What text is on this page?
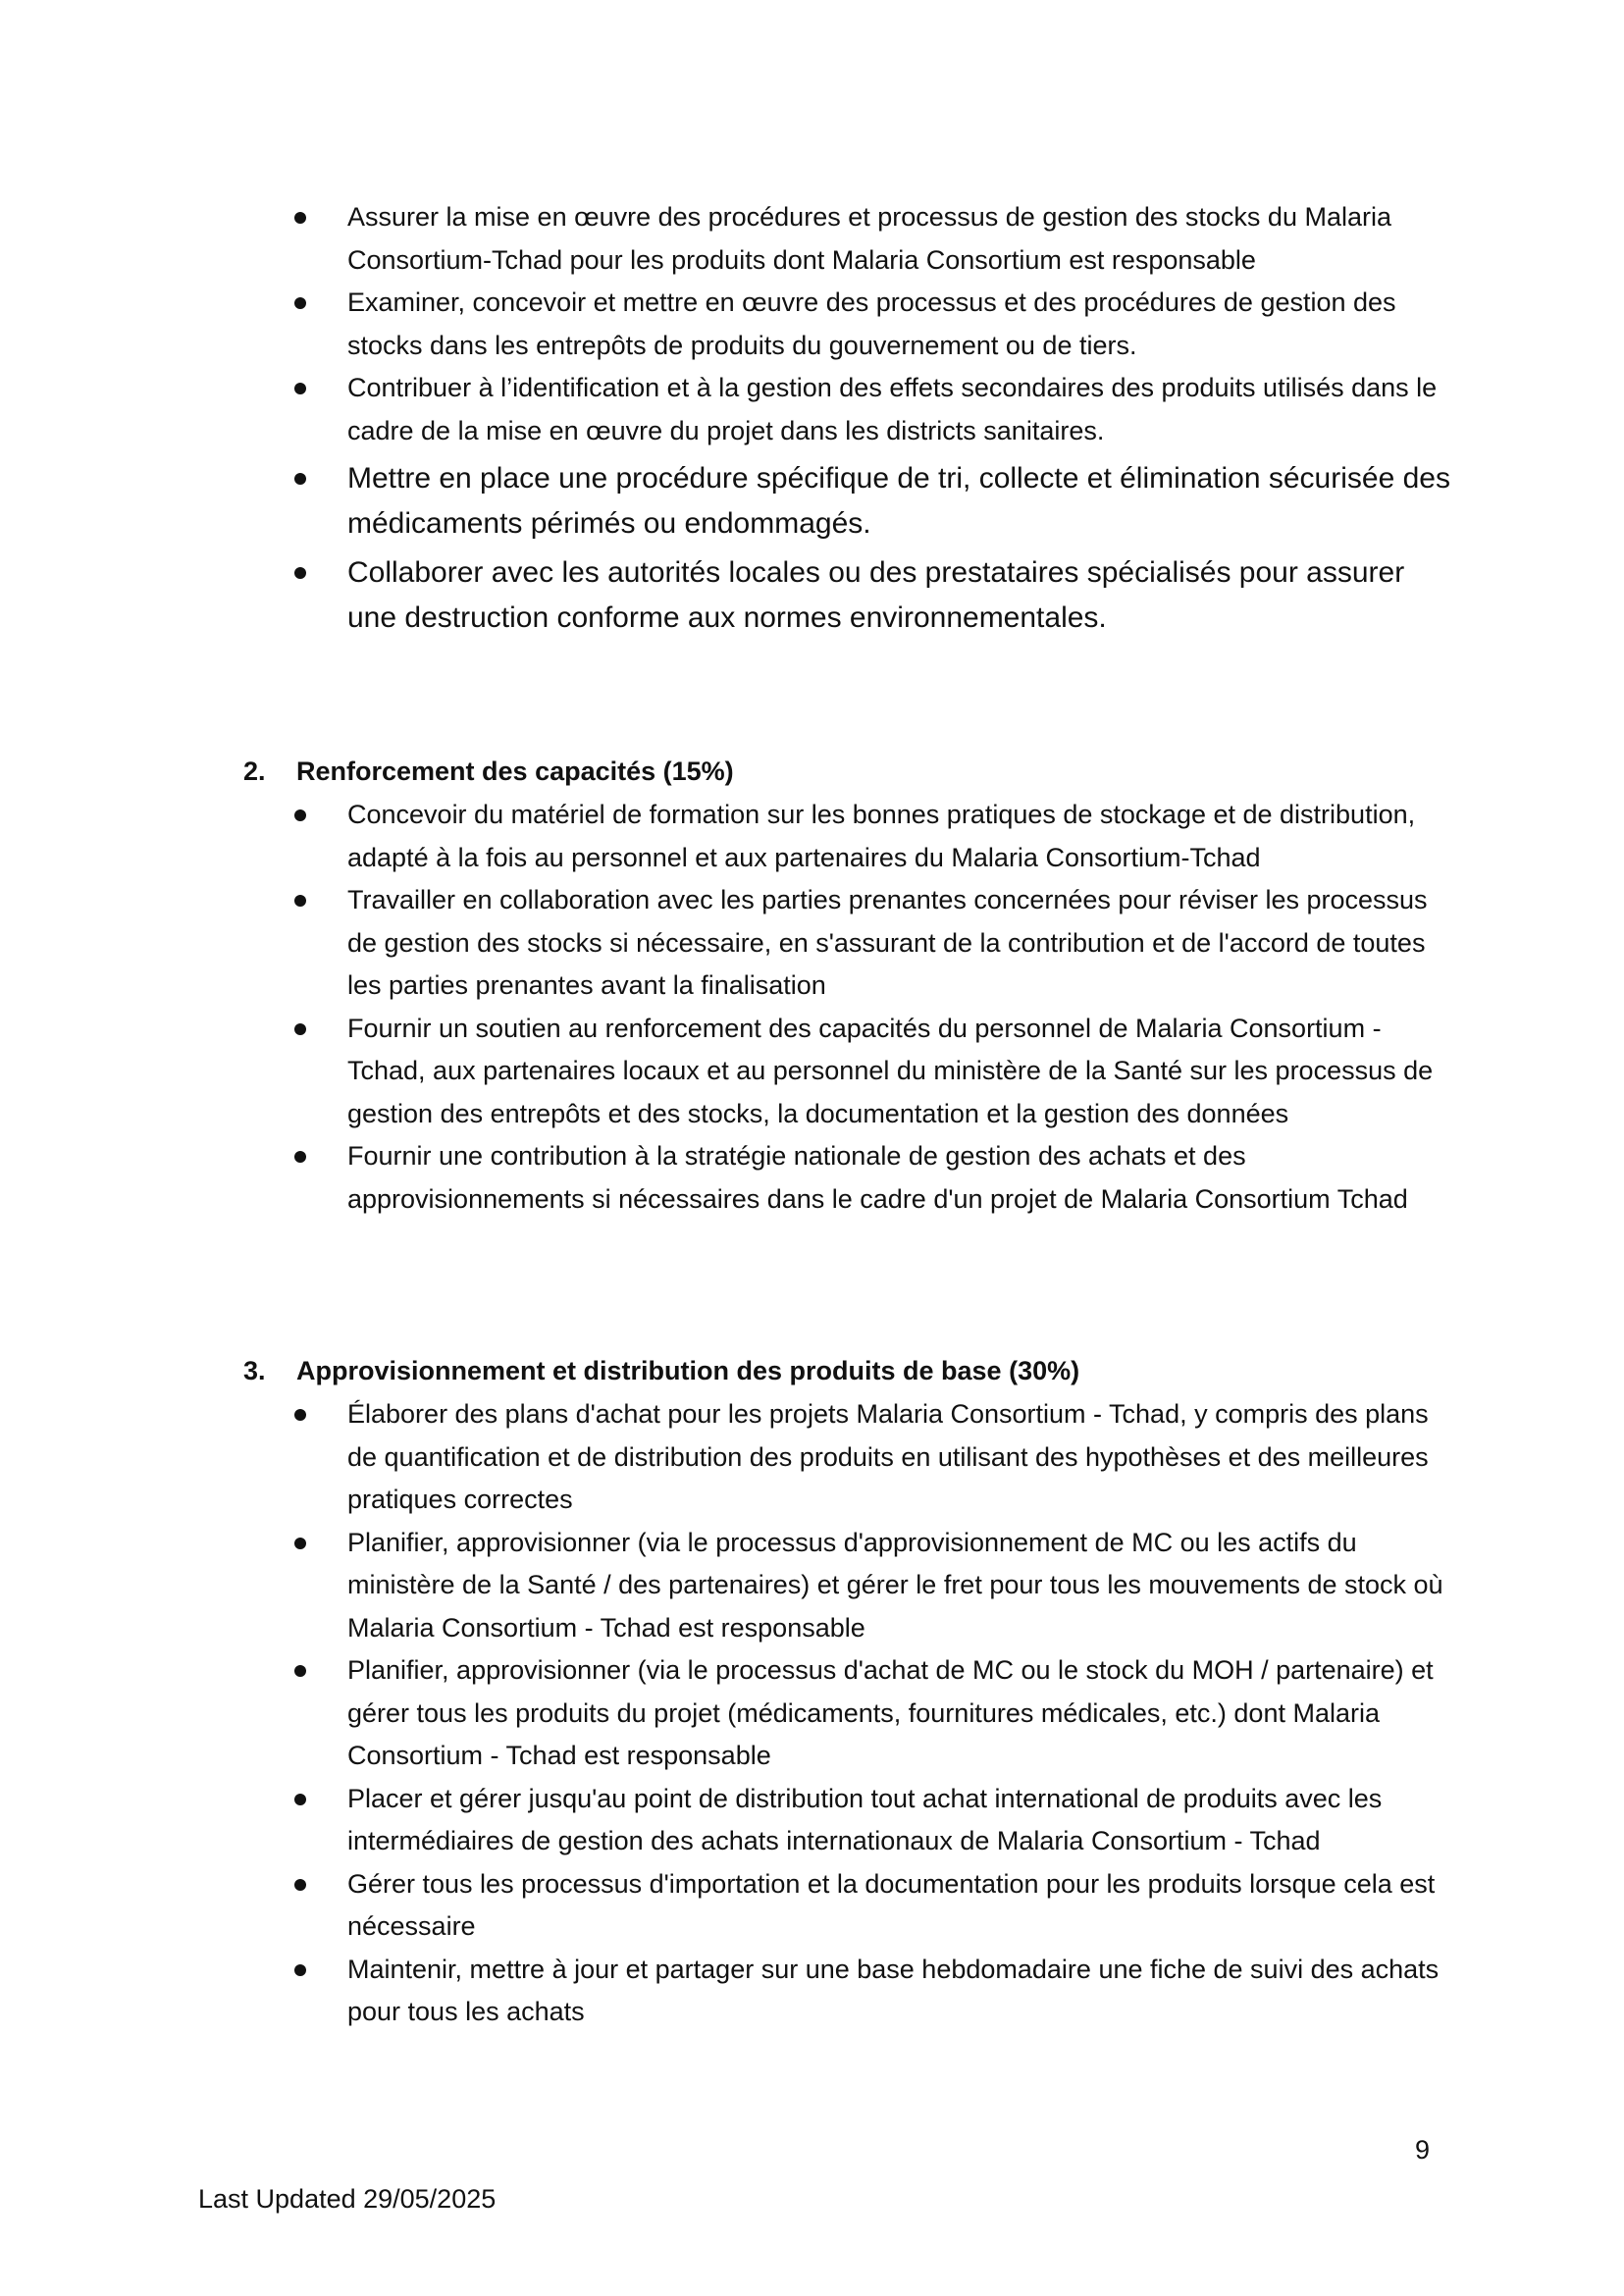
Assurer la mise en œuvre des procédures et processus de gestion des stocks du Malaria Consortium-Tchad pour les produits dont Malaria Consortium est responsable
Examiner, concevoir et mettre en œuvre des processus et des procédures de gestion des stocks dans les entrepôts de produits du gouvernement ou de tiers.
Contribuer à l’identification et à la gestion des effets secondaires des produits utilisés dans le cadre de la mise en œuvre du projet dans les districts sanitaires.
Mettre en place une procédure spécifique de tri, collecte et élimination sécurisée des médicaments périmés ou endommagés.
Collaborer avec les autorités locales ou des prestataires spécialisés pour assurer une destruction conforme aux normes environnementales.
2. Renforcement des capacités (15%)
Concevoir du matériel de formation sur les bonnes pratiques de stockage et de distribution, adapté à la fois au personnel et aux partenaires du Malaria Consortium-Tchad
Travailler en collaboration avec les parties prenantes concernées pour réviser les processus de gestion des stocks si nécessaire, en s'assurant de la contribution et de l'accord de toutes les parties prenantes avant la finalisation
Fournir un soutien au renforcement des capacités du personnel de Malaria Consortium - Tchad, aux partenaires locaux et au personnel du ministère de la Santé sur les processus de gestion des entrepôts et des stocks, la documentation et la gestion des données
Fournir une contribution à la stratégie nationale de gestion des achats et des approvisionnements si nécessaires dans le cadre d'un projet de Malaria Consortium Tchad
3. Approvisionnement et distribution des produits de base (30%)
Élaborer des plans d'achat pour les projets Malaria Consortium - Tchad, y compris des plans de quantification et de distribution des produits en utilisant des hypothèses et des meilleures pratiques correctes
Planifier, approvisionner (via le processus d'approvisionnement de MC ou les actifs du ministère de la Santé / des partenaires) et gérer le fret pour tous les mouvements de stock où Malaria Consortium - Tchad est responsable
Planifier, approvisionner (via le processus d'achat de MC ou le stock du MOH / partenaire) et gérer tous les produits du projet (médicaments, fournitures médicales, etc.) dont Malaria Consortium - Tchad est responsable
Placer et gérer jusqu'au point de distribution tout achat international de produits avec les intermédiaires de gestion des achats internationaux de Malaria Consortium - Tchad
Gérer tous les processus d'importation et la documentation pour les produits lorsque cela est nécessaire
Maintenir, mettre à jour et partager sur une base hebdomadaire une fiche de suivi des achats pour tous les achats
9
Last Updated 29/05/2025
